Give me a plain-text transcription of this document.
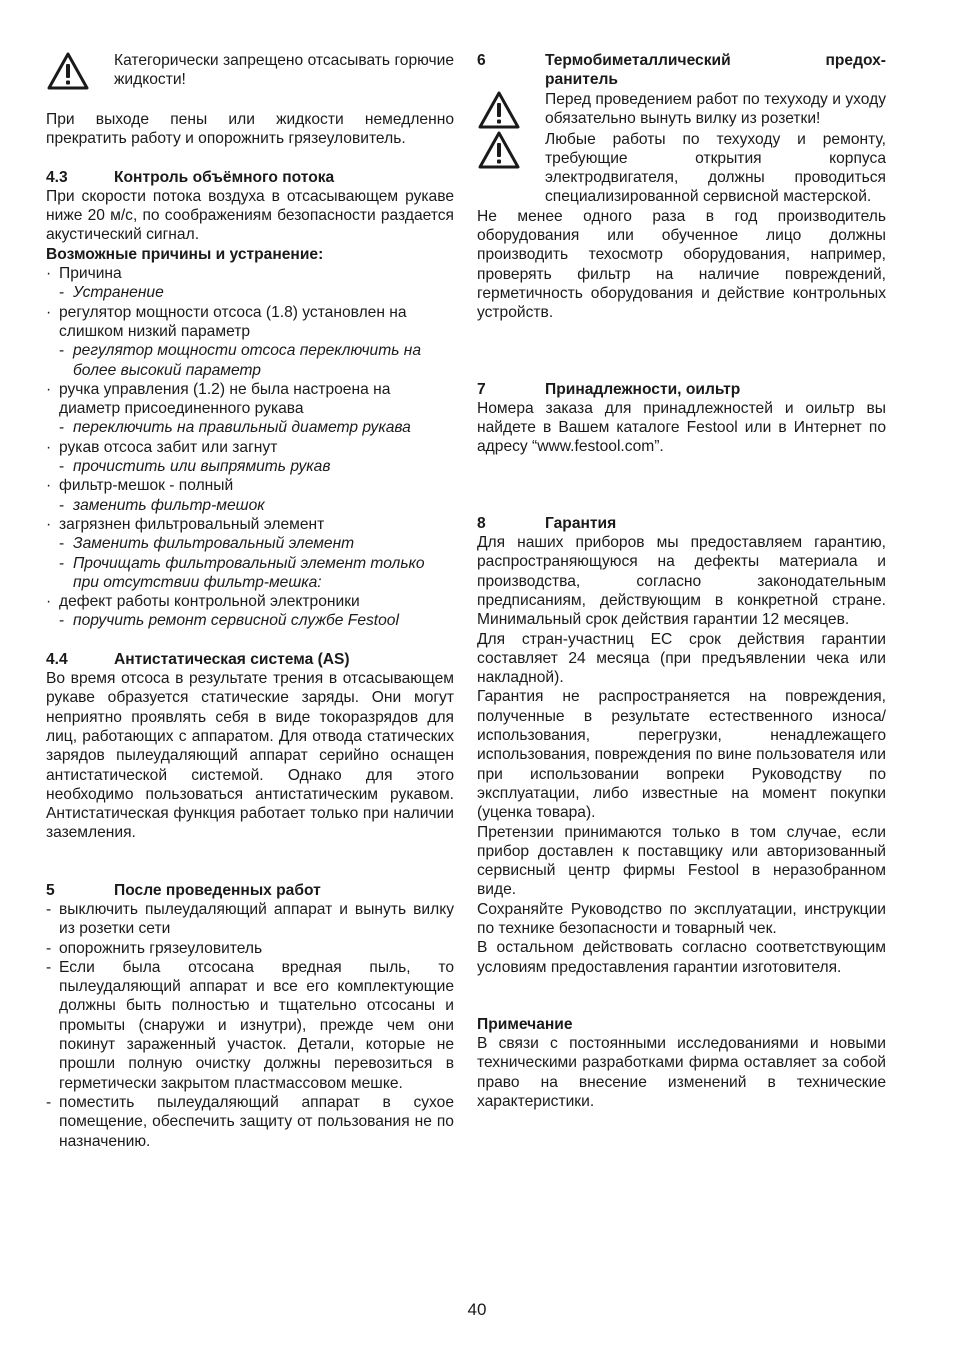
Категорически запрещено отсасывать горючие жидкости!

При выходе пены или жидкости немедленно прекратить работу и опорожнить грязеуловитель.

4.3	Контроль объёмного потока

При скорости потока воздуха в отсасывающем рукаве ниже 20 м/с, по соображениям безопасности раздается акустический сигнал.

Возможные причины и устранение:

· Причина
- Устранение
· регулятор мощности отсоса (1.8) установлен на слишком низкий параметр
- регулятор мощности отсоса переключить на более высокий параметр
· ручка управления (1.2) не была настроена на диаметр присоединенного рукава
- переключить на правильный диаметр рукава
· рукав отсоса забит или загнут
- прочистить или выпрямить рукав
· фильтр-мешок - полный
- заменить фильтр-мешок
· загрязнен фильтровальный элемент
- Заменить фильтровальный элемент
- Прочищать фильтровальный элемент только при отсутствии фильтр-мешка:
· дефект работы контрольной электроники
- поручить ремонт сервисной службе Festool
4.4	Антистатическая система (AS)

Во время отсоса в результате трения в отсасывающем рукаве образуется статические заряды. Они могут неприятно проявлять себя в виде токоразрядов для лиц, работающих с аппаратом. Для отвода статических зарядов пылеудаляющий аппарат серийно оснащен антистатической системой. Однако для этого необходимо пользоваться антистатическим рукавом. Антистатическая функция работает только при наличии заземления.

5	После проведенных работ
- выключить пылеудаляющий аппарат и вынуть вилку из розетки сети
- опорожнить грязеуловитель
- Если была отсосана вредная пыль, то пылеудаляющий аппарат и все его комплектующие должны быть полностью и тщательно отсосаны и промыты (снаружи и изнутри), прежде чем они покинут зараженный участок. Детали, которые не прошли полную очистку должны перевозиться в герметически закрытом пластмассовом мешке.
- поместить пылеудаляющий аппарат в сухое помещение, обеспечить защиту от пользования не по назначению.
6	Термобиметаллический	предох-
ранитель

Перед проведением работ по техуходу и уходу обязательно вынуть вилку из розетки!

Любые работы по техуходу и ремонту, требующие открытия корпуса электродвигателя, должны проводиться специализированной сервисной мастерской.

Не менее одного раза в год производитель оборудования или обученное лицо должны производить техосмотр оборудования, например, проверять фильтр на наличие повреждений, герметичность оборудования и действие контрольных устройств.

7	Принадлежности, оильтр

Номера заказа для принадлежностей и оильтр вы найдете в Вашем каталоге Festool или в Интернет по адресу “www.festool.com”.

8	Гарантия

Для наших приборов мы предоставляем гарантию, распространяющуюся на дефекты материала и производства, согласно законодательным предписаниям, действующим в конкретной стране. Минимальный срок действия гарантии 12 месяцев.

Для стран-участниц ЕС срок действия гарантии составляет 24 месяца (при предъявлении чека или накладной).

Гарантия не распространяется на повреждения, полученные в результате естественного износа/использования, перегрузки, ненадлежащего использования, повреждения по вине пользователя или при использовании вопреки Руководству по эксплуатации, либо известные на момент покупки (уценка товара).

Претензии принимаются только в том случае, если прибор доставлен к поставщику или авторизованный сервисный центр фирмы Festool в неразобранном виде.

Сохраняйте Руководство по эксплуатации, инструкции по технике безопасности и товарный чек.

В остальном действовать согласно соответствующим условиям предоставления гарантии изготовителя.

Примечание

В связи с постоянными исследованиями и новыми техническими разработками фирма оставляет за собой право на внесение изменений в технические характеристики.

40
